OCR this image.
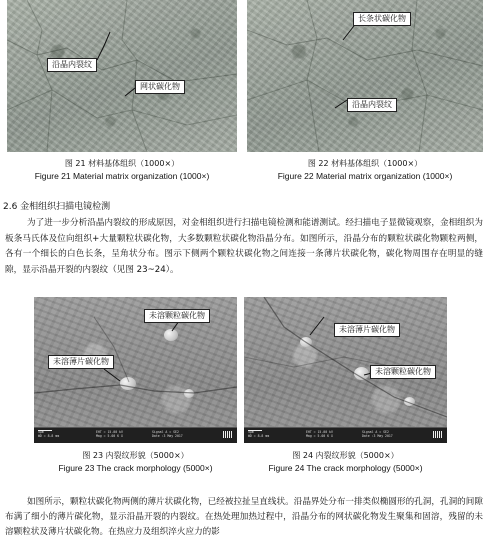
沿晶内裂纹
网状碳化物
图 21 材料基体组织（1000×）
Figure 21 Material matrix organization (1000×)
长条状碳化物
沿晶内裂纹
图 22 材料基体组织（1000×）
Figure 22 Material matrix organization (1000×)
2.6 金相组织扫描电镜检测
为了进一步分析沿晶内裂纹的形成原因，对金相组织进行扫描电镜检测和能谱测试。经扫描电子显微镜观察，金相组织为板条马氏体及位向组织+大量颗粒状碳化物，大多数颗粒状碳化物沿晶分布。如图所示，沿晶分布的颗粒状碳化物颗粒两侧，各有一个细长的白色长条，呈角状分布。图示下侧两个颗粒状碳化物之间连接一条薄片状碳化物，碳化物周围存在明显的缝隙，显示沿晶开裂的内裂纹（见图 23~24）。
未溶颗粒碳化物
未溶薄片碳化物
5µm
WD = 8.8 mm
EHT = 15.00 kV
Mag = 5.00 K X
Signal A = SE2
Date :3 May 2017
图 23 内裂纹形貌（5000×）
Figure 23 The crack morphology (5000×)
未溶薄片碳化物
未溶颗粒碳化物
5µm
WD = 8.8 mm
EHT = 15.00 kV
Mag = 5.00 K X
Signal A = SE2
Date :3 May 2017
图 24 内裂纹形貌（5000×）
Figure 24 The crack morphology (5000×)
如图所示，颗粒状碳化物两侧的薄片状碳化物，已经被拉扯呈直线状。沿晶界处分布一排类似椭圆形的孔洞，孔洞的间隙布满了细小的薄片碳化物，显示沿晶开裂的内裂纹。在热处理加热过程中，沿晶分布的网状碳化物发生聚集和固溶，残留的未溶颗粒状及薄片状碳化物。在热应力及组织淬火应力的影
